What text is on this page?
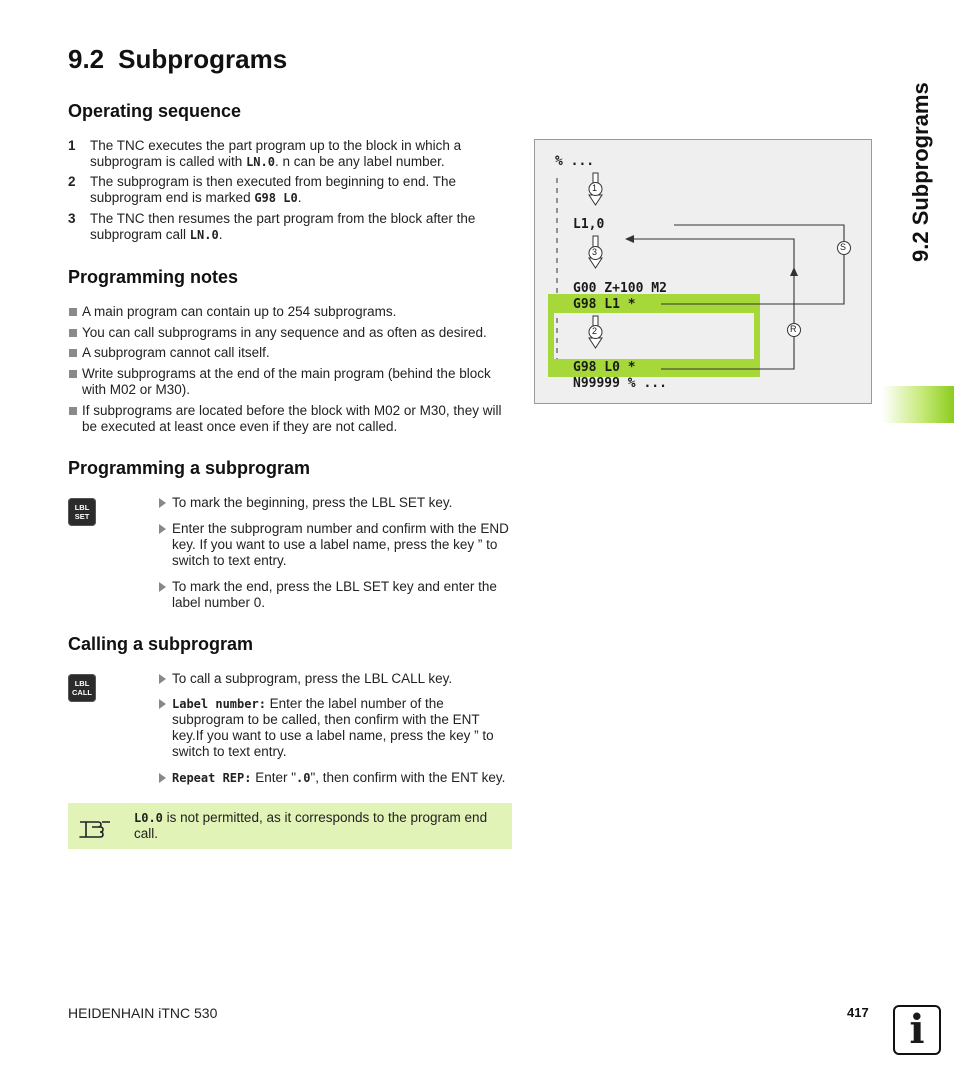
9.2 Subprograms
Operating sequence
1 The TNC executes the part program up to the block in which a subprogram is called with LN.0. n can be any label number.
2 The subprogram is then executed from beginning to end. The subprogram end is marked G98 L0.
3 The TNC then resumes the part program from the block after the subprogram call LN.0.
Programming notes
A main program can contain up to 254 subprograms.
You can call subprograms in any sequence and as often as desired.
A subprogram cannot call itself.
Write subprograms at the end of the main program (behind the block with M02 or M30).
If subprograms are located before the block with M02 or M30, they will be executed at least once even if they are not called.
Programming a subprogram
LBL
SET
To mark the beginning, press the LBL SET key.
Enter the subprogram number and confirm with the END key. If you want to use a label name, press the key ” to switch to text entry.
To mark the end, press the LBL SET key and enter the label number 0.
Calling a subprogram
LBL
CALL
To call a subprogram, press the LBL CALL key.
Label number: Enter the label number of the subprogram to be called, then confirm with the ENT key.If you want to use a label name, press the key ” to switch to text entry.
Repeat REP: Enter ".0", then confirm with the ENT key.
L0.0 is not permitted, as it corresponds to the program end call.
% ...
L1,0
G00 Z+100 M2
G98 L1 *
G98 L0 *
N99999 % ...
1
3
2
S
R
9.2 Subprograms
HEIDENHAIN iTNC 530	417	i
